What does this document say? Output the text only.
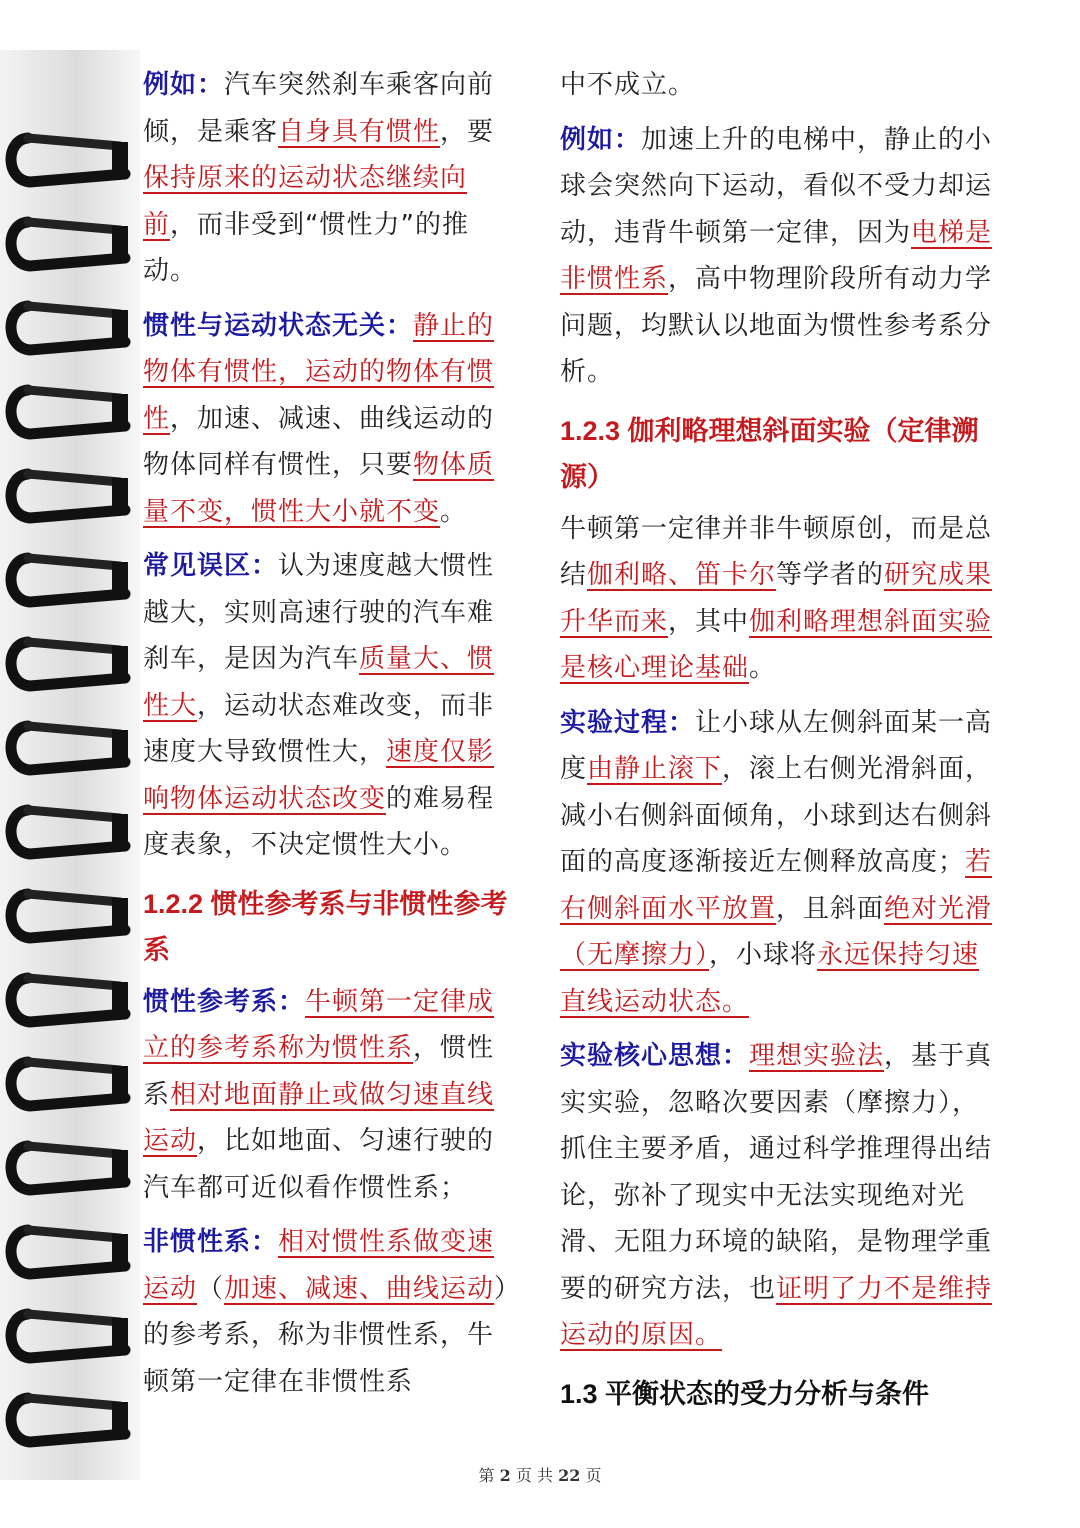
例如：汽车突然刹车乘客向前倾，是乘客自身具有惯性，要保持原来的运动状态继续向前，而非受到“惯性力”的推动。

惯性与运动状态无关：静止的物体有惯性，运动的物体有惯性，加速、减速、曲线运动的物体同样有惯性，只要物体质量不变，惯性大小就不变。

常见误区：认为速度越大惯性越大，实则高速行驶的汽车难刹车，是因为汽车质量大、惯性大，运动状态难改变，而非速度大导致惯性大，速度仅影响物体运动状态改变的难易程度表象，不决定惯性大小。

1.2.2 惯性参考系与非惯性参考系

惯性参考系：牛顿第一定律成立的参考系称为惯性系，惯性系相对地面静止或做匀速直线运动，比如地面、匀速行驶的汽车都可近似看作惯性系；

非惯性系：相对惯性系做变速运动（加速、减速、曲线运动）的参考系，称为非惯性系，牛顿第一定律在非惯性系

中不成立。

例如：加速上升的电梯中，静止的小球会突然向下运动，看似不受力却运动，违背牛顿第一定律，因为电梯是非惯性系，高中物理阶段所有动力学问题，均默认以地面为惯性参考系分析。

1.2.3 伽利略理想斜面实验（定律溯源）

牛顿第一定律并非牛顿原创，而是总结伽利略、笛卡尔等学者的研究成果升华而来，其中伽利略理想斜面实验是核心理论基础。

实验过程：让小球从左侧斜面某一高度由静止滚下，滚上右侧光滑斜面，减小右侧斜面倾角，小球到达右侧斜面的高度逐渐接近左侧释放高度；若右侧斜面水平放置，且斜面绝对光滑（无摩擦力），小球将永远保持匀速直线运动状态。

实验核心思想：理想实验法，基于真实实验，忽略次要因素（摩擦力），抓住主要矛盾，通过科学推理得出结论，弥补了现实中无法实现绝对光滑、无阻力环境的缺陷，是物理学重要的研究方法，也证明了力不是维持运动的原因。

1.3 平衡状态的受力分析与条件
第 2 页 共 22 页
